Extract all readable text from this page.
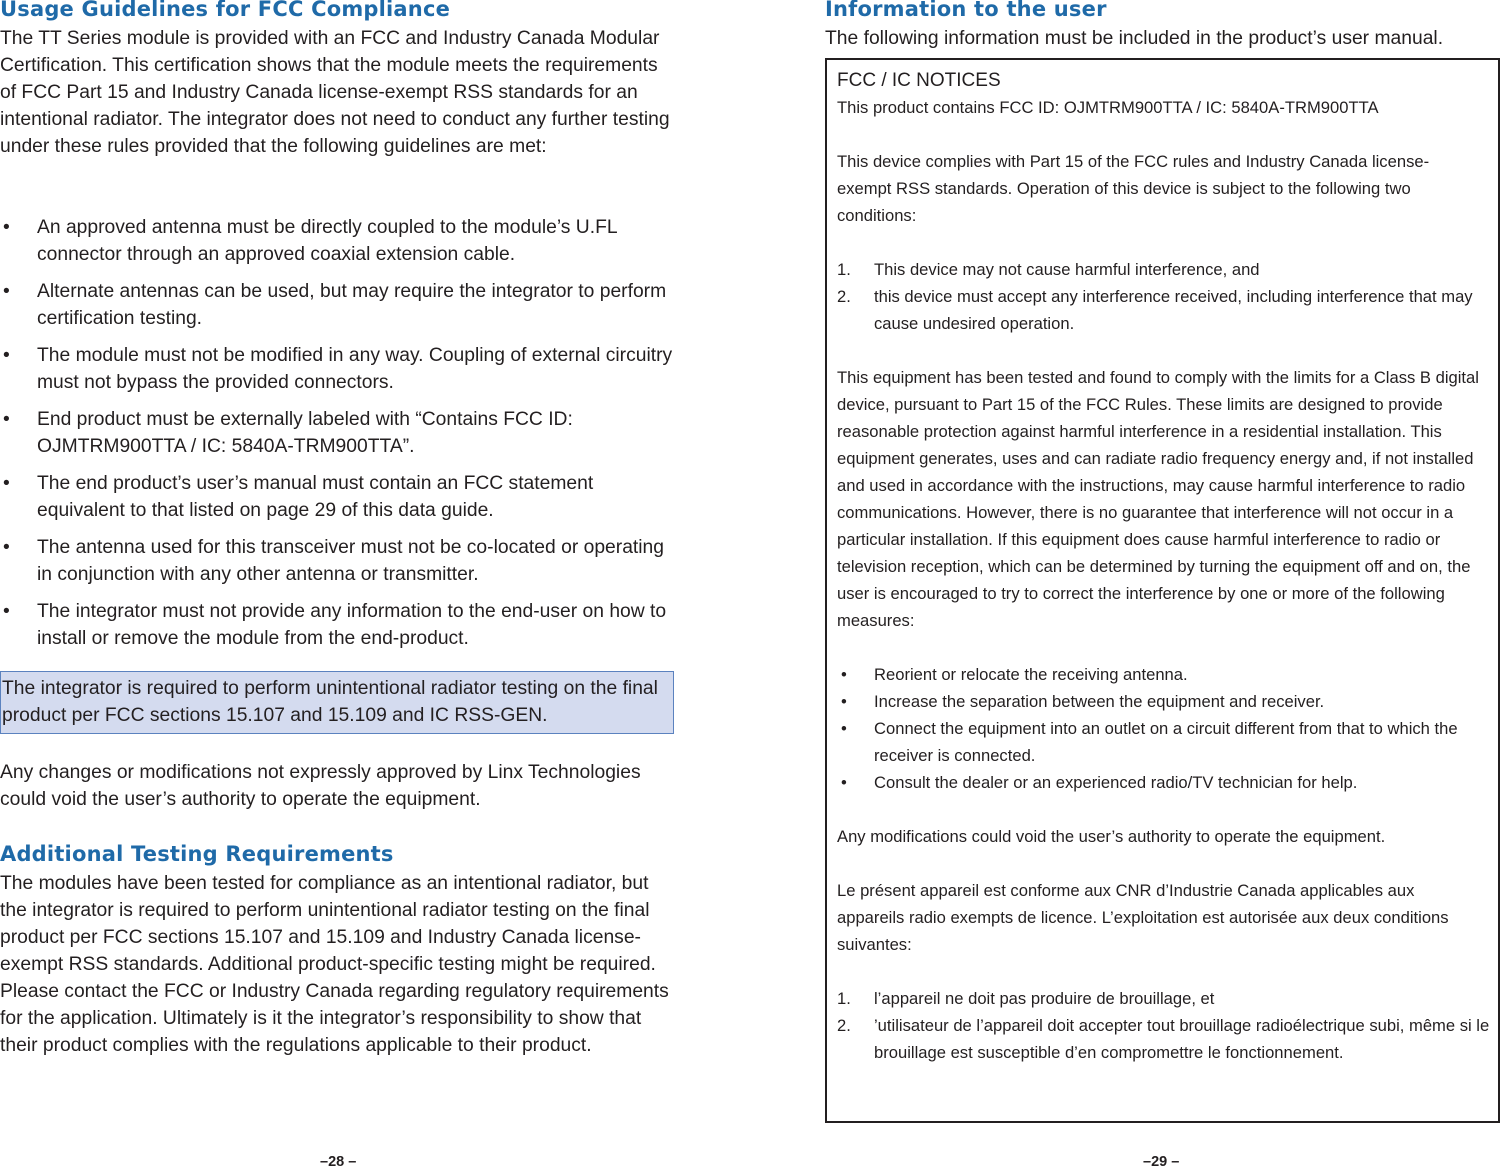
Usage Guidelines for FCC Compliance

The TT Series module is provided with an FCC and Industry Canada Modular Certification. This certification shows that the module meets the requirements of FCC Part 15 and Industry Canada license-exempt RSS standards for an intentional radiator. The integrator does not need to conduct any further testing under these rules provided that the following guidelines are met:

• An approved antenna must be directly coupled to the module’s U.FL connector through an approved coaxial extension cable.
• Alternate antennas can be used, but may require the integrator to perform certification testing.
• The module must not be modified in any way. Coupling of external circuitry must not bypass the provided connectors.
• End product must be externally labeled with “Contains FCC ID: OJMTRM900TTA / IC: 5840A-TRM900TTA”.
• The end product’s user’s manual must contain an FCC statement equivalent to that listed on page 29 of this data guide.
• The antenna used for this transceiver must not be co-located or operating in conjunction with any other antenna or transmitter.
• The integrator must not provide any information to the end-user on how to install or remove the module from the end-product.
The integrator is required to perform unintentional radiator testing on the final product per FCC sections 15.107 and 15.109 and IC RSS-GEN.

Any changes or modifications not expressly approved by Linx Technologies could void the user’s authority to operate the equipment.

Additional Testing Requirements

The modules have been tested for compliance as an intentional radiator, but the integrator is required to perform unintentional radiator testing on the final product per FCC sections 15.107 and 15.109 and Industry Canada license-exempt RSS standards. Additional product-specific testing might be required. Please contact the FCC or Industry Canada regarding regulatory requirements for the application. Ultimately is it the integrator’s responsibility to show that their product complies with the regulations applicable to their product.

–28 –
Information to the user

The following information must be included in the product’s user manual.

FCC / IC NOTICES

This product contains FCC ID: OJMTRM900TTA / IC: 5840A-TRM900TTA

This device complies with Part 15 of the FCC rules and Industry Canada license-exempt RSS standards. Operation of this device is subject to the following two conditions:

1. This device may not cause harmful interference, and
2. this device must accept any interference received, including interference that may cause undesired operation.

This equipment has been tested and found to comply with the limits for a Class B digital device, pursuant to Part 15 of the FCC Rules. These limits are designed to provide reasonable protection against harmful interference in a residential installation. This equipment generates, uses and can radiate radio frequency energy and, if not installed and used in accordance with the instructions, may cause harmful interference to radio communications. However, there is no guarantee that interference will not occur in a particular installation. If this equipment does cause harmful interference to radio or television reception, which can be determined by turning the equipment off and on, the user is encouraged to try to correct the interference by one or more of the following measures:

• Reorient or relocate the receiving antenna.
• Increase the separation between the equipment and receiver.
• Connect the equipment into an outlet on a circuit different from that to which the receiver is connected.
• Consult the dealer or an experienced radio/TV technician for help.

Any modifications could void the user’s authority to operate the equipment.

Le présent appareil est conforme aux CNR d’Industrie Canada applicables aux appareils radio exempts de licence. L’exploitation est autorisée aux deux conditions suivantes:

1. l’appareil ne doit pas produire de brouillage, et
2. ’utilisateur de l’appareil doit accepter tout brouillage radioélectrique subi, même si le brouillage est susceptible d’en compromettre le fonctionnement.
–29 –
